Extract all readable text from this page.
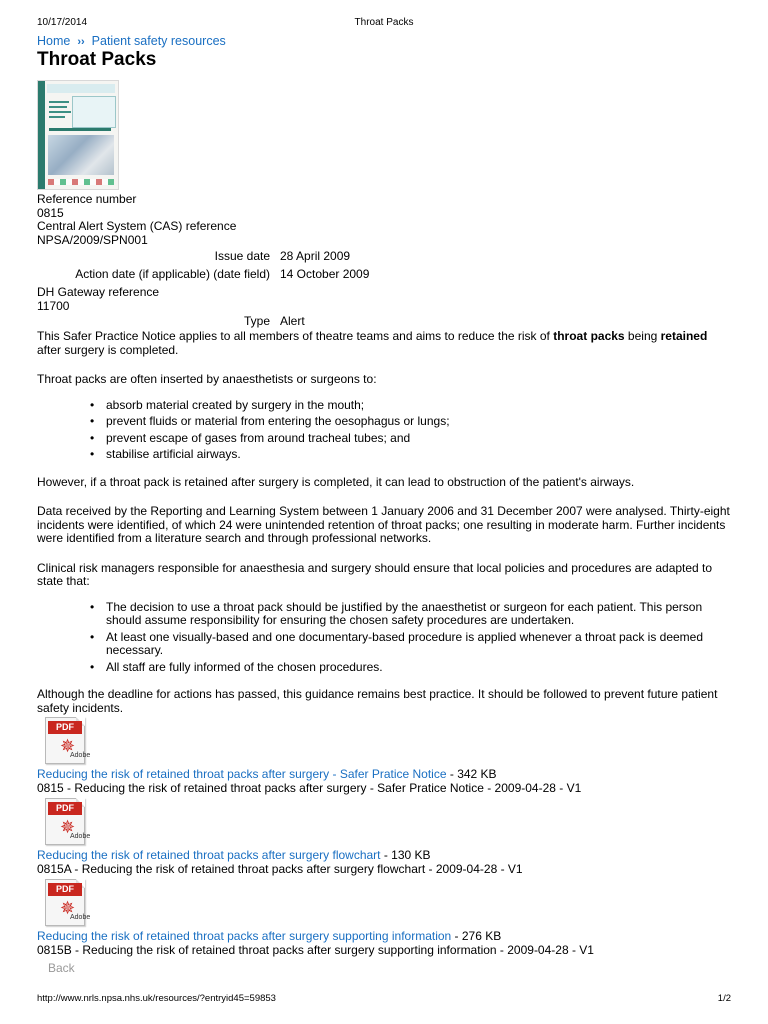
10/17/2014	Throat Packs
Home ›› Patient safety resources
Throat Packs
Reference number
0815
Central Alert System (CAS) reference
NPSA/2009/SPN001
Issue date 28 April 2009
Action date (if applicable) (date field) 14 October 2009
DH Gateway reference
11700
Type Alert

This Safer Practice Notice applies to all members of theatre teams and aims to reduce the risk of throat packs being retained after surgery is completed.

Throat packs are often inserted by anaesthetists or surgeons to:

• absorb material created by surgery in the mouth;
• prevent fluids or material from entering the oesophagus or lungs;
• prevent escape of gases from around tracheal tubes; and
• stabilise artificial airways.

However, if a throat pack is retained after surgery is completed, it can lead to obstruction of the patient's airways.

Data received by the Reporting and Learning System between 1 January 2006 and 31 December 2007 were analysed. Thirty-eight incidents were identified, of which 24 were unintended retention of throat packs; one resulting in moderate harm. Further incidents were identified from a literature search and through professional networks.

Clinical risk managers responsible for anaesthesia and surgery should ensure that local policies and procedures are adapted to state that:

• The decision to use a throat pack should be justified by the anaesthetist or surgeon for each patient. This person should assume responsibility for ensuring the chosen safety procedures are undertaken.
• At least one visually-based and one documentary-based procedure is applied whenever a throat pack is deemed necessary.
• All staff are fully informed of the chosen procedures.

Although the deadline for actions has passed, this guidance remains best practice. It should be followed to prevent future patient safety incidents.

PDF
✵
Adobe
Reducing the risk of retained throat packs after surgery - Safer Pratice Notice - 342 KB
0815 - Reducing the risk of retained throat packs after surgery - Safer Pratice Notice - 2009-04-28 - V1
PDF
✵
Adobe
Reducing the risk of retained throat packs after surgery flowchart - 130 KB
0815A - Reducing the risk of retained throat packs after surgery flowchart - 2009-04-28 - V1
PDF
✵
Adobe
Reducing the risk of retained throat packs after surgery supporting information - 276 KB
0815B - Reducing the risk of retained throat packs after surgery supporting information - 2009-04-28 - V1
Back
http://www.nrls.npsa.nhs.uk/resources/?entryid45=59853	1/2
